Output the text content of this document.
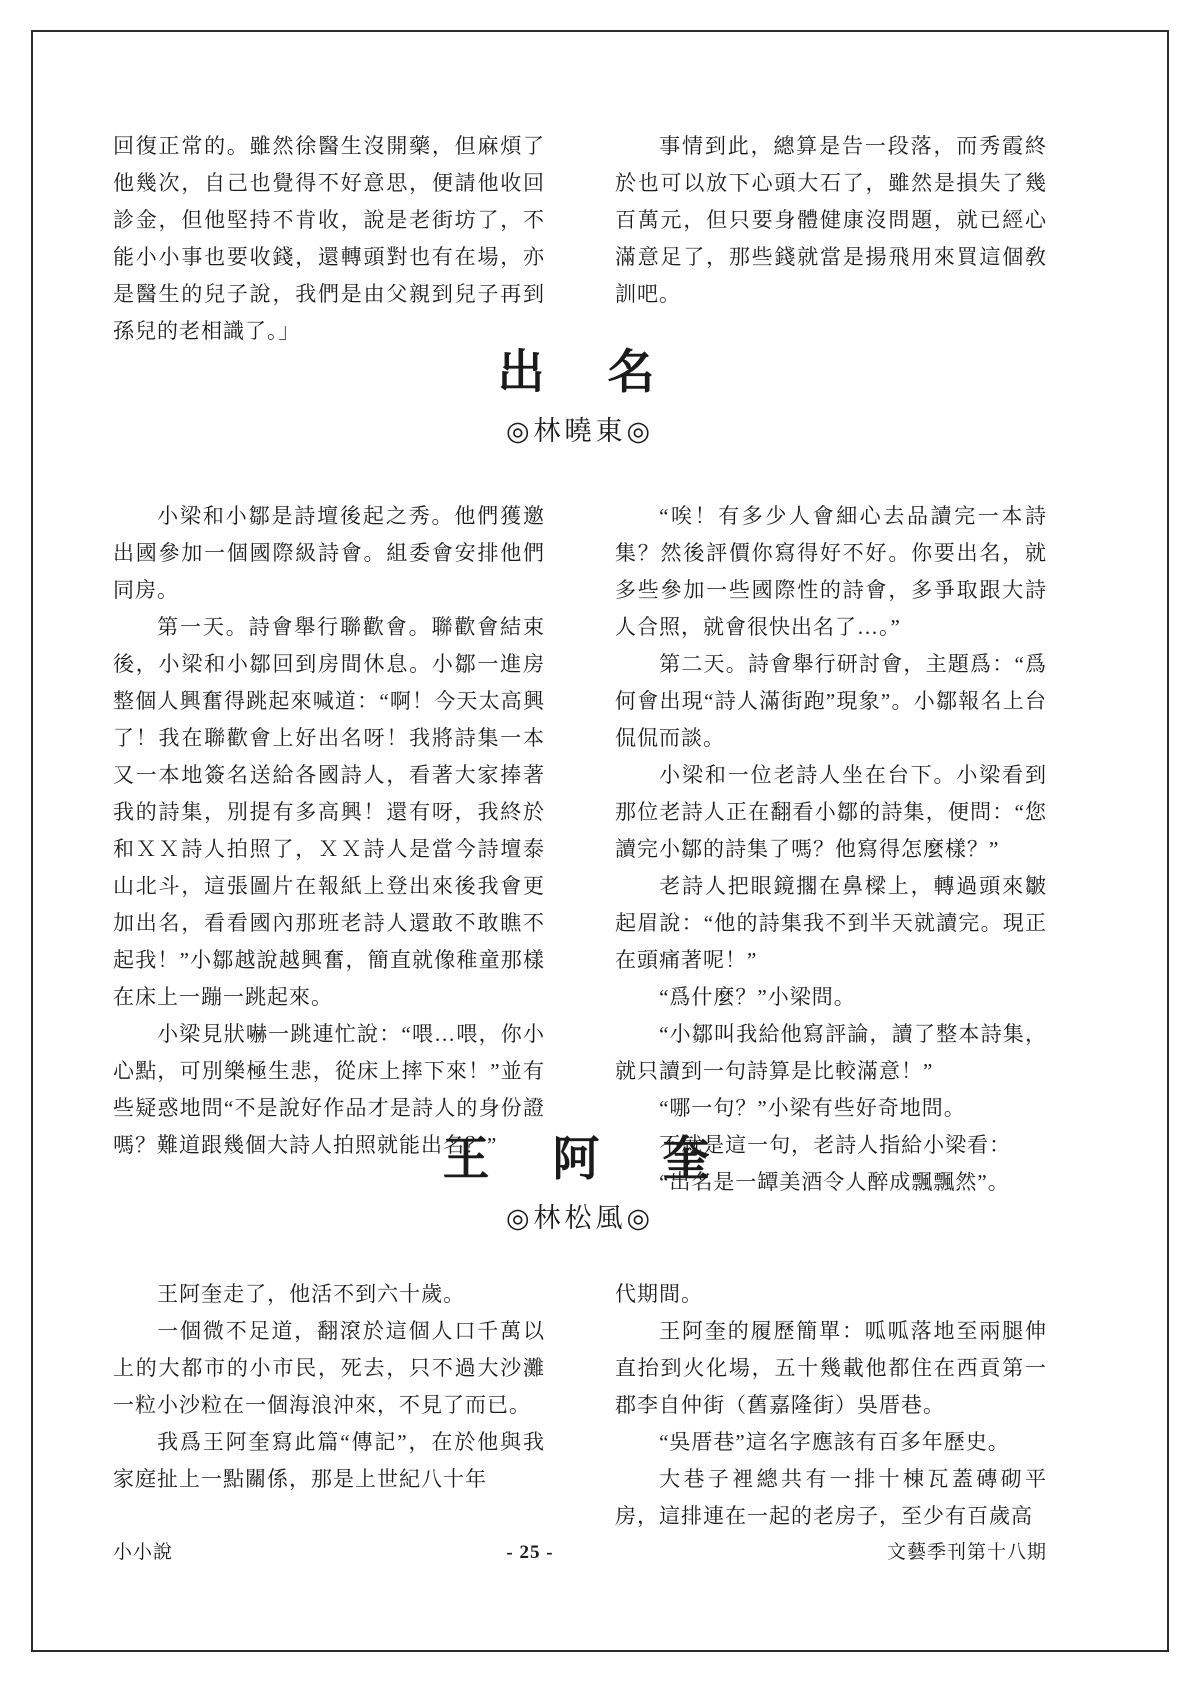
回復正常的。雖然徐醫生沒開藥，但麻煩了他幾次，自己也覺得不好意思，便請他收回診金，但他堅持不肯收，說是老街坊了，不能小小事也要收錢，還轉頭對也有在場，亦是醫生的兒子說，我們是由父親到兒子再到孫兒的老相識了。」

事情到此，總算是告一段落，而秀霞終於也可以放下心頭大石了，雖然是損失了幾百萬元，但只要身體健康沒問題，就已經心滿意足了，那些錢就當是揚飛用來買這個敎訓吧。

出　名
◎林曉東◎

小梁和小鄒是詩壇後起之秀。他們獲邀出國參加一個國際級詩會。組委會安排他們同房。

第一天。詩會舉行聯歡會。聯歡會結束後，小梁和小鄒回到房間休息。小鄒一進房整個人興奮得跳起來喊道：“啊！今天太高興了！我在聯歡會上好出名呀！我將詩集一本又一本地簽名送給各國詩人，看著大家捧著我的詩集，別提有多高興！還有呀，我終於和ＸＸ詩人拍照了，ＸＸ詩人是當今詩壇泰山北斗，這張圖片在報紙上登出來後我會更加出名，看看國內那班老詩人還敢不敢瞧不起我！”小鄒越說越興奮，簡直就像稚童那樣在床上一蹦一跳起來。

小梁見狀嚇一跳連忙說：“喂…喂，你小心點，可別樂極生悲，從床上摔下來！”並有些疑惑地問“不是說好作品才是詩人的身份證嗎？難道跟幾個大詩人拍照就能出名？”

“唉！有多少人會細心去品讀完一本詩集？然後評價你寫得好不好。你要出名，就多些參加一些國際性的詩會，多爭取跟大詩人合照，就會很快出名了…。”

第二天。詩會舉行研討會，主題爲：“爲何會出現“詩人滿街跑”現象”。小鄒報名上台侃侃而談。

小梁和一位老詩人坐在台下。小梁看到那位老詩人正在翻看小鄒的詩集，便問：“您讀完小鄒的詩集了嗎？他寫得怎麼樣？”

老詩人把眼鏡擱在鼻樑上，轉過頭來皺起眉說：“他的詩集我不到半天就讀完。現正在頭痛著呢！”

“爲什麼？”小梁問。

“小鄒叫我給他寫評論，讀了整本詩集，就只讀到一句詩算是比較滿意！”

“哪一句？”小梁有些好奇地問。

不就是這一句，老詩人指給小梁看：

“出名是一罈美酒令人醉成飄飄然”。

王　阿　奎
◎林松風◎

王阿奎走了，他活不到六十歲。

一個微不足道，翻滾於這個人口千萬以上的大都市的小市民，死去，只不過大沙灘一粒小沙粒在一個海浪沖來，不見了而已。

我爲王阿奎寫此篇“傳記”，在於他與我家庭扯上一點關係，那是上世紀八十年

代期間。

王阿奎的履歷簡單：呱呱落地至兩腿伸直抬到火化場，五十幾載他都住在西貢第一郡李自仲街（舊嘉隆街）吳厝巷。

“吳厝巷”這名字應該有百多年歷史。

大巷子裡總共有一排十棟瓦蓋磚砌平房，這排連在一起的老房子，至少有百歲高

小小說	- 25 -	文藝季刊第十八期
